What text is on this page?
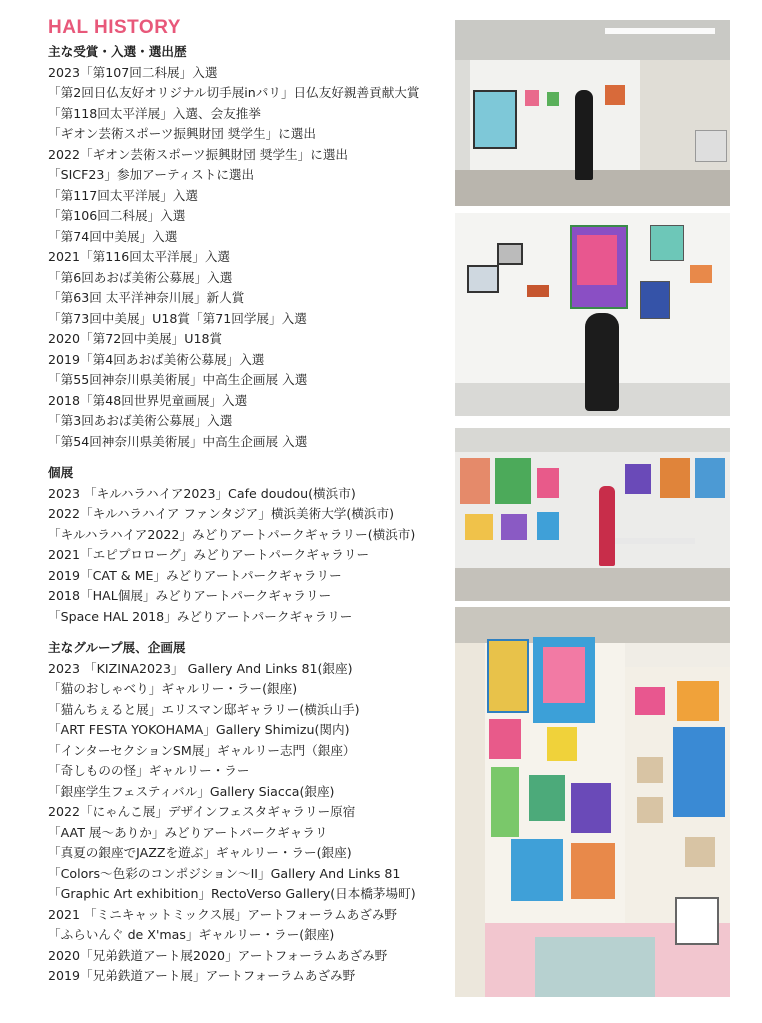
HAL HISTORY
主な受賞・入選・選出歴
2023「第107回二科展」入選
「第2回日仏友好オリジナル切手展inパリ」日仏友好親善貢献大賞
「第118回太平洋展」入選、会友推挙
「ギオン芸術スポーツ振興財団 奨学生」に選出
2022「ギオン芸術スポーツ振興財団 奨学生」に選出
「SICF23」参加アーティストに選出
「第117回太平洋展」入選
「第106回二科展」入選
「第74回中美展」入選
2021「第116回太平洋展」入選
「第6回あおば美術公募展」入選
「第63回 太平洋神奈川展」新人賞
「第73回中美展」U18賞「第71回学展」入選
2020「第72回中美展」U18賞
2019「第4回あおば美術公募展」入選
「第55回神奈川県美術展」中高生企画展 入選
2018「第48回世界児童画展」入選
「第3回あおば美術公募展」入選
「第54回神奈川県美術展」中高生企画展 入選
個展
2023 「キルハラハイア2023」Cafe doudou(横浜市)
2022「キルハラハイア ファンタジア」横浜美術大学(横浜市)
「キルハラハイア2022」みどりアートパークギャラリー(横浜市)
2021「エピプロローグ」みどりアートパークギャラリー
2019「CAT & ME」みどりアートパークギャラリー
2018「HAL個展」みどりアートパークギャラリー
「Space HAL 2018」みどりアートパークギャラリー
主なグループ展、企画展
2023 「KIZINA2023」 Gallery And Links 81(銀座)
「猫のおしゃべり」ギャルリー・ラー(銀座)
「猫んちぇると展」エリスマン邸ギャラリー(横浜山手)
「ART FESTA YOKOHAMA」Gallery Shimizu(関内)
「インターセクションSM展」ギャルリー志門（銀座）
「奇しものの怪」ギャルリー・ラー
「銀座学生フェスティバル」Gallery Siacca(銀座)
2022「にゃんこ展」デザインフェスタギャラリー原宿
「AAT 展〜ありか」みどりアートパークギャラリ
「真夏の銀座でJAZZを遊ぶ」ギャルリー・ラー(銀座)
「Colors〜色彩のコンポジション〜II」Gallery And Links 81
「Graphic Art exhibition」RectoVerso Gallery(日本橋茅場町)
2021 「ミニキャットミックス展」アートフォーラムあざみ野
「ふらいんぐ de X'mas」ギャルリー・ラー(銀座)
2020「兄弟鉄道アート展2020」アートフォーラムあざみ野
2019「兄弟鉄道アート展」アートフォーラムあざみ野
